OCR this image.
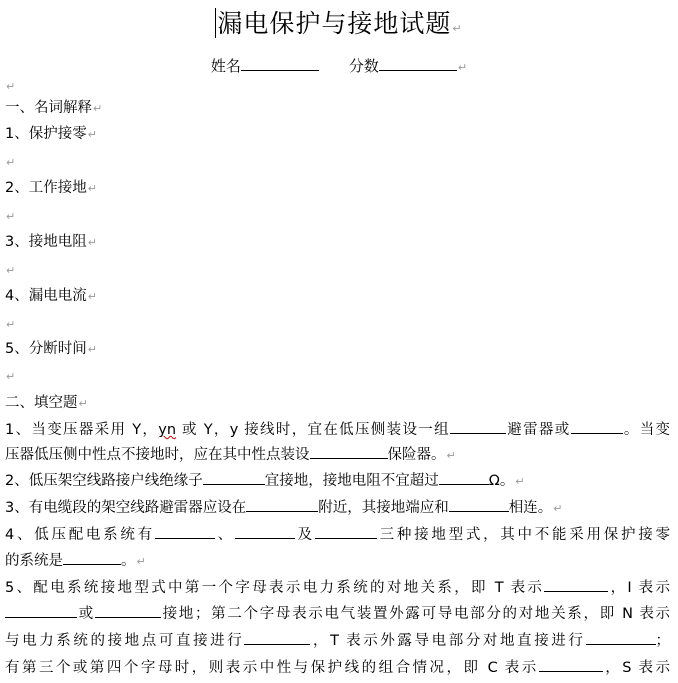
漏电保护与接地试题↵
姓名	分数	↵
↵
一、名词解释↵
1、保护接零↵
↵
2、工作接地↵
↵
3、接地电阻↵
↵
4、漏电电流↵
↵
5、分断时间↵
↵
二、填空题↵
1、当变压器采用 Y，yn 或 Y，y 接线时，宜在低压侧装设一组	避雷器或	。当变
压器低压侧中性点不接地时，应在其中性点装设	保险器。↵
2、低压架空线路接户线绝缘子	宜接地，接地电阻不宜超过	Ω。↵
3、有电缆段的架空线路避雷器应设在	附近，其接地端应和	相连。↵
4、低压配电系统有	、	及	三种接地型式，其中不能采用保护接零
的系统是	。↵
5、配电系统接地型式中第一个字母表示电力系统的对地关系，即 T 表示	，I 表示
或	接地；第二个字母表示电气装置外露可导电部分的对地关系，即 N 表示
与电力系统的接地点可直接进行	，T 表示外露导电部分对地直接进行	；
有第三个或第四个字母时，则表示中性与保护线的组合情况，即 C 表示	，S 表示
